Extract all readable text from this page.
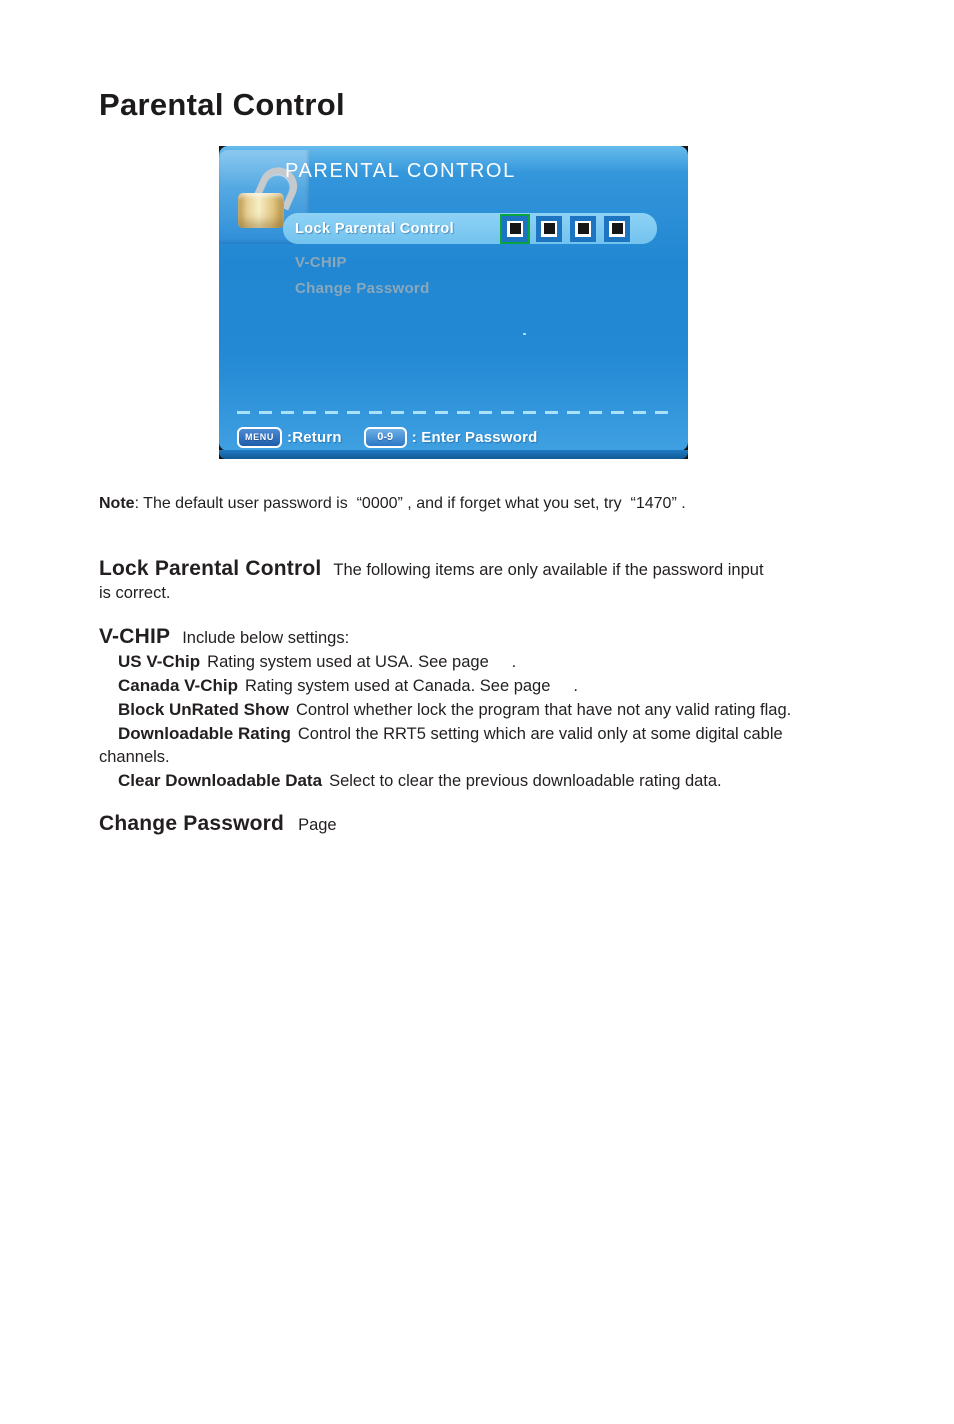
Parental Control
PARENTAL CONTROL
Lock Parental Control
V-CHIP
Change Password
MENU :Return	0-9	: Enter Password

Note: The default user password is  “0000” , and if forget what you set, try  “1470” .

Lock Parental Control The following items are only available if the password input is correct.

V-CHIP Include below settings:

US V-Chip Rating system used at USA. See page     .

Canada V-Chip Rating system used at Canada. See page     .

Block UnRated Show Control whether lock the program that have not any valid rating flag.

Downloadable Rating Control the RRT5 setting which are valid only at some digital cable channels.

Clear Downloadable Data Select to clear the previous downloadable rating data.

Change Password Page
